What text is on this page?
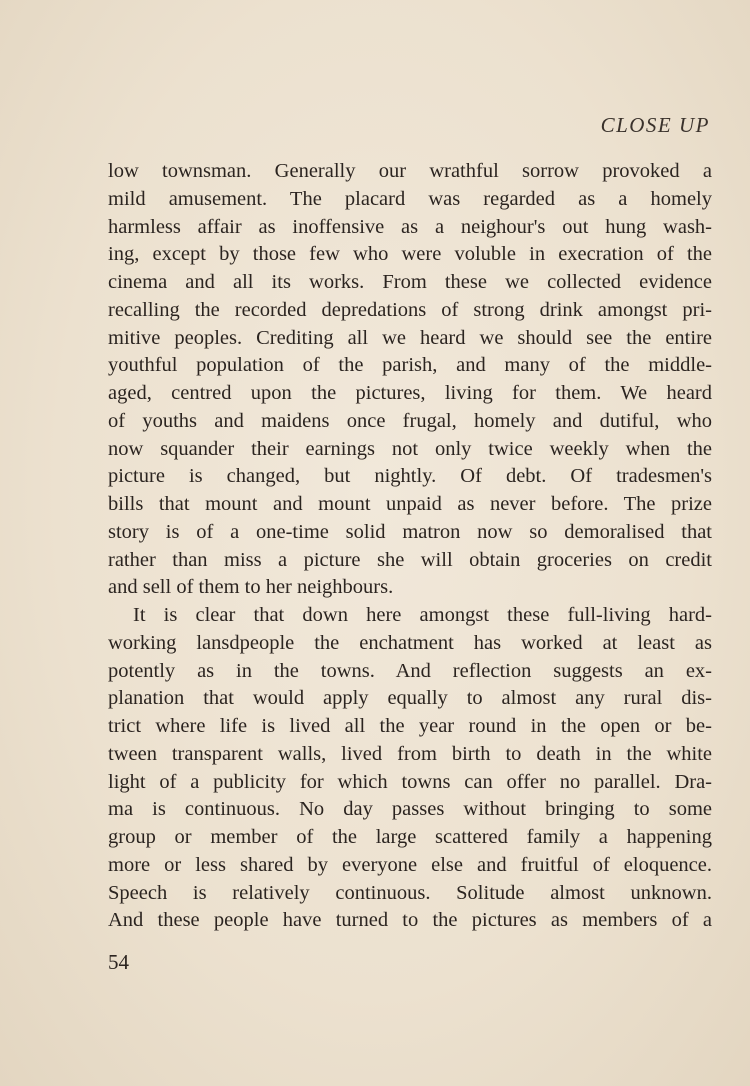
CLOSE UP
low townsman. Generally our wrathful sorrow provoked a
mild amusement. The placard was regarded as a homely
harmless affair as inoffensive as a neighour's out hung wash-
ing, except by those few who were voluble in execration of the
cinema and all its works. From these we collected evidence
recalling the recorded depredations of strong drink amongst pri-
mitive peoples. Crediting all we heard we should see the entire
youthful population of the parish, and many of the middle-
aged, centred upon the pictures, living for them. We heard
of youths and maidens once frugal, homely and dutiful, who
now squander their earnings not only twice weekly when the
picture is changed, but nightly. Of debt. Of tradesmen's
bills that mount and mount unpaid as never before. The prize
story is of a one-time solid matron now so demoralised that
rather than miss a picture she will obtain groceries on credit
and sell of them to her neighbours.
It is clear that down here amongst these full-living hard-
working lansdpeople the enchatment has worked at least as
potently as in the towns. And reflection suggests an ex-
planation that would apply equally to almost any rural dis-
trict where life is lived all the year round in the open or be-
tween transparent walls, lived from birth to death in the white
light of a publicity for which towns can offer no parallel. Dra-
ma is continuous. No day passes without bringing to some
group or member of the large scattered family a happening
more or less shared by everyone else and fruitful of eloquence.
Speech is relatively continuous. Solitude almost unknown.
And these people have turned to the pictures as members of a
54
